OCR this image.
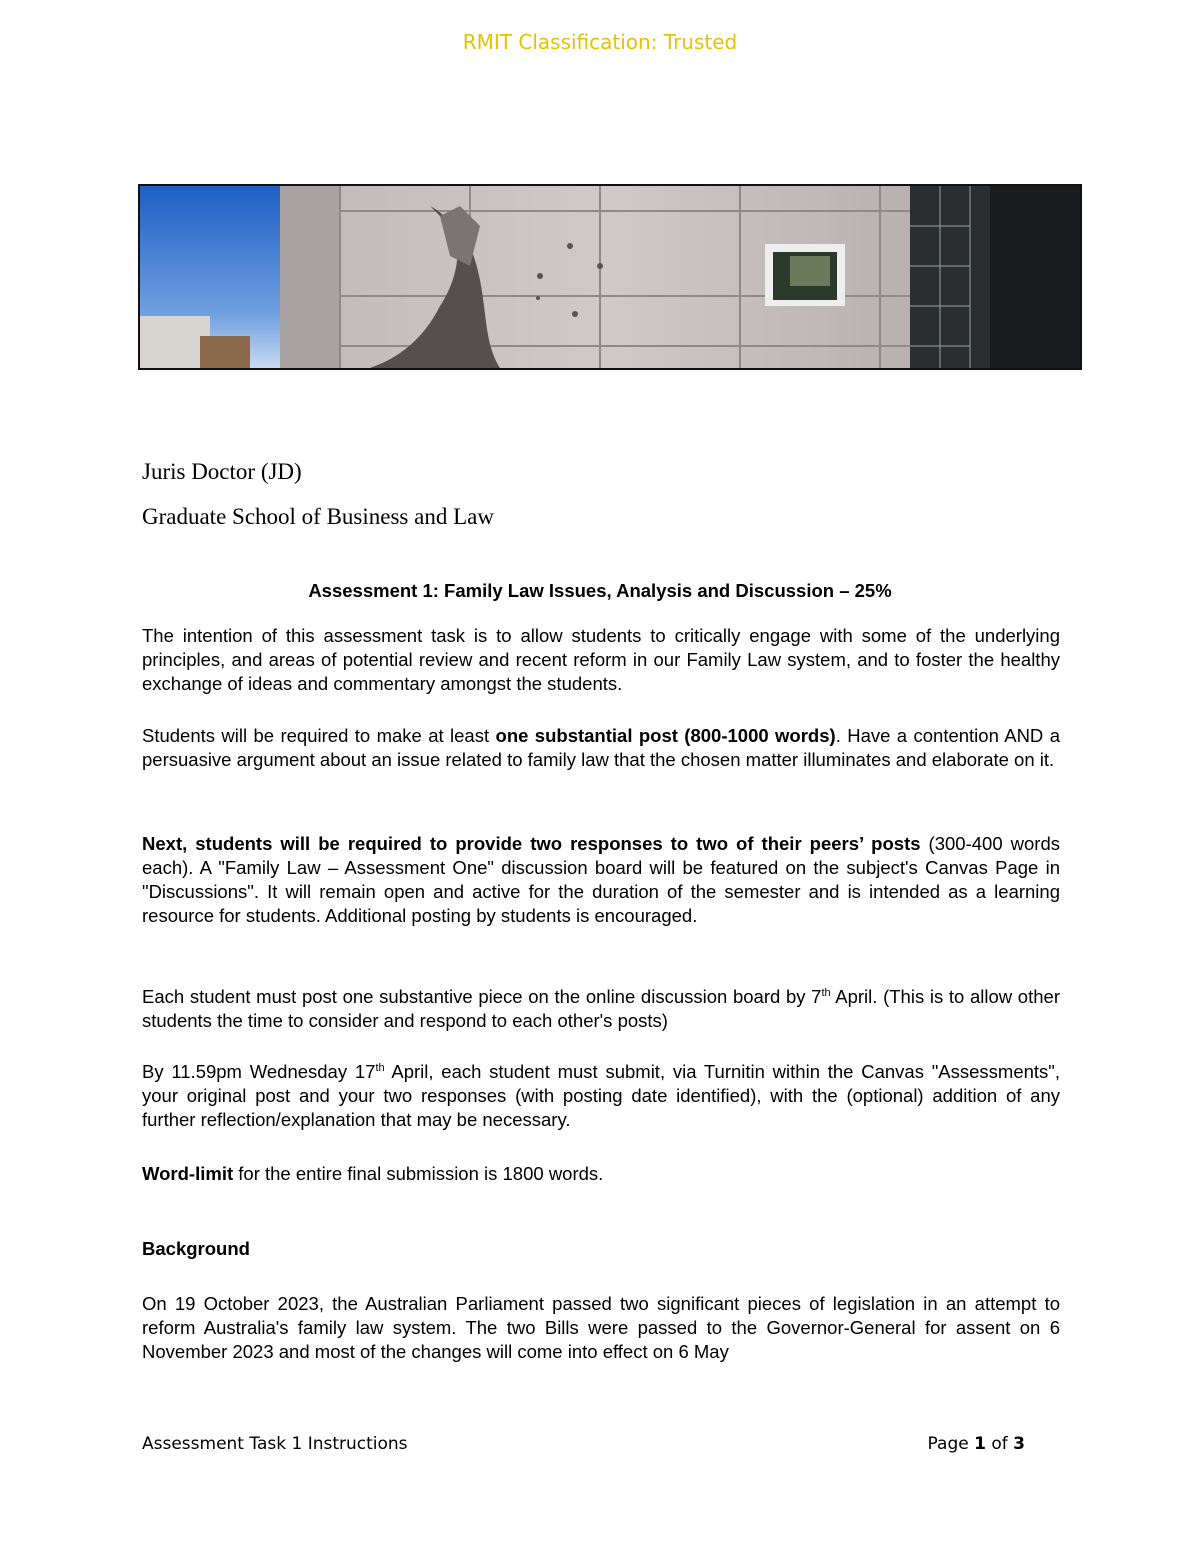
RMIT Classification: Trusted
Juris Doctor (JD)
Graduate School of Business and Law
Assessment 1: Family Law Issues, Analysis and Discussion – 25%

The intention of this assessment task is to allow students to critically engage with some of the underlying principles, and areas of potential review and recent reform in our Family Law system, and to foster the healthy exchange of ideas and commentary amongst the students.

Students will be required to make at least one substantial post (800-1000 words). Have a contention AND a persuasive argument about an issue related to family law that the chosen matter illuminates and elaborate on it.

Next, students will be required to provide two responses to two of their peers’ posts (300-400 words each). A "Family Law – Assessment One" discussion board will be featured on the subject's Canvas Page in "Discussions". It will remain open and active for the duration of the semester and is intended as a learning resource for students. Additional posting by students is encouraged.

Each student must post one substantive piece on the online discussion board by 7th April. (This is to allow other students the time to consider and respond to each other's posts)

By 11.59pm Wednesday 17th April, each student must submit, via Turnitin within the Canvas "Assessments", your original post and your two responses (with posting date identified), with the (optional) addition of any further reflection/explanation that may be necessary.

Word-limit for the entire final submission is 1800 words.

Background

On 19 October 2023, the Australian Parliament passed two significant pieces of legislation in an attempt to reform Australia's family law system. The two Bills were passed to the Governor-General for assent on 6 November 2023 and most of the changes will come into effect on 6 May

Assessment Task 1 Instructions	Page 1 of 3
